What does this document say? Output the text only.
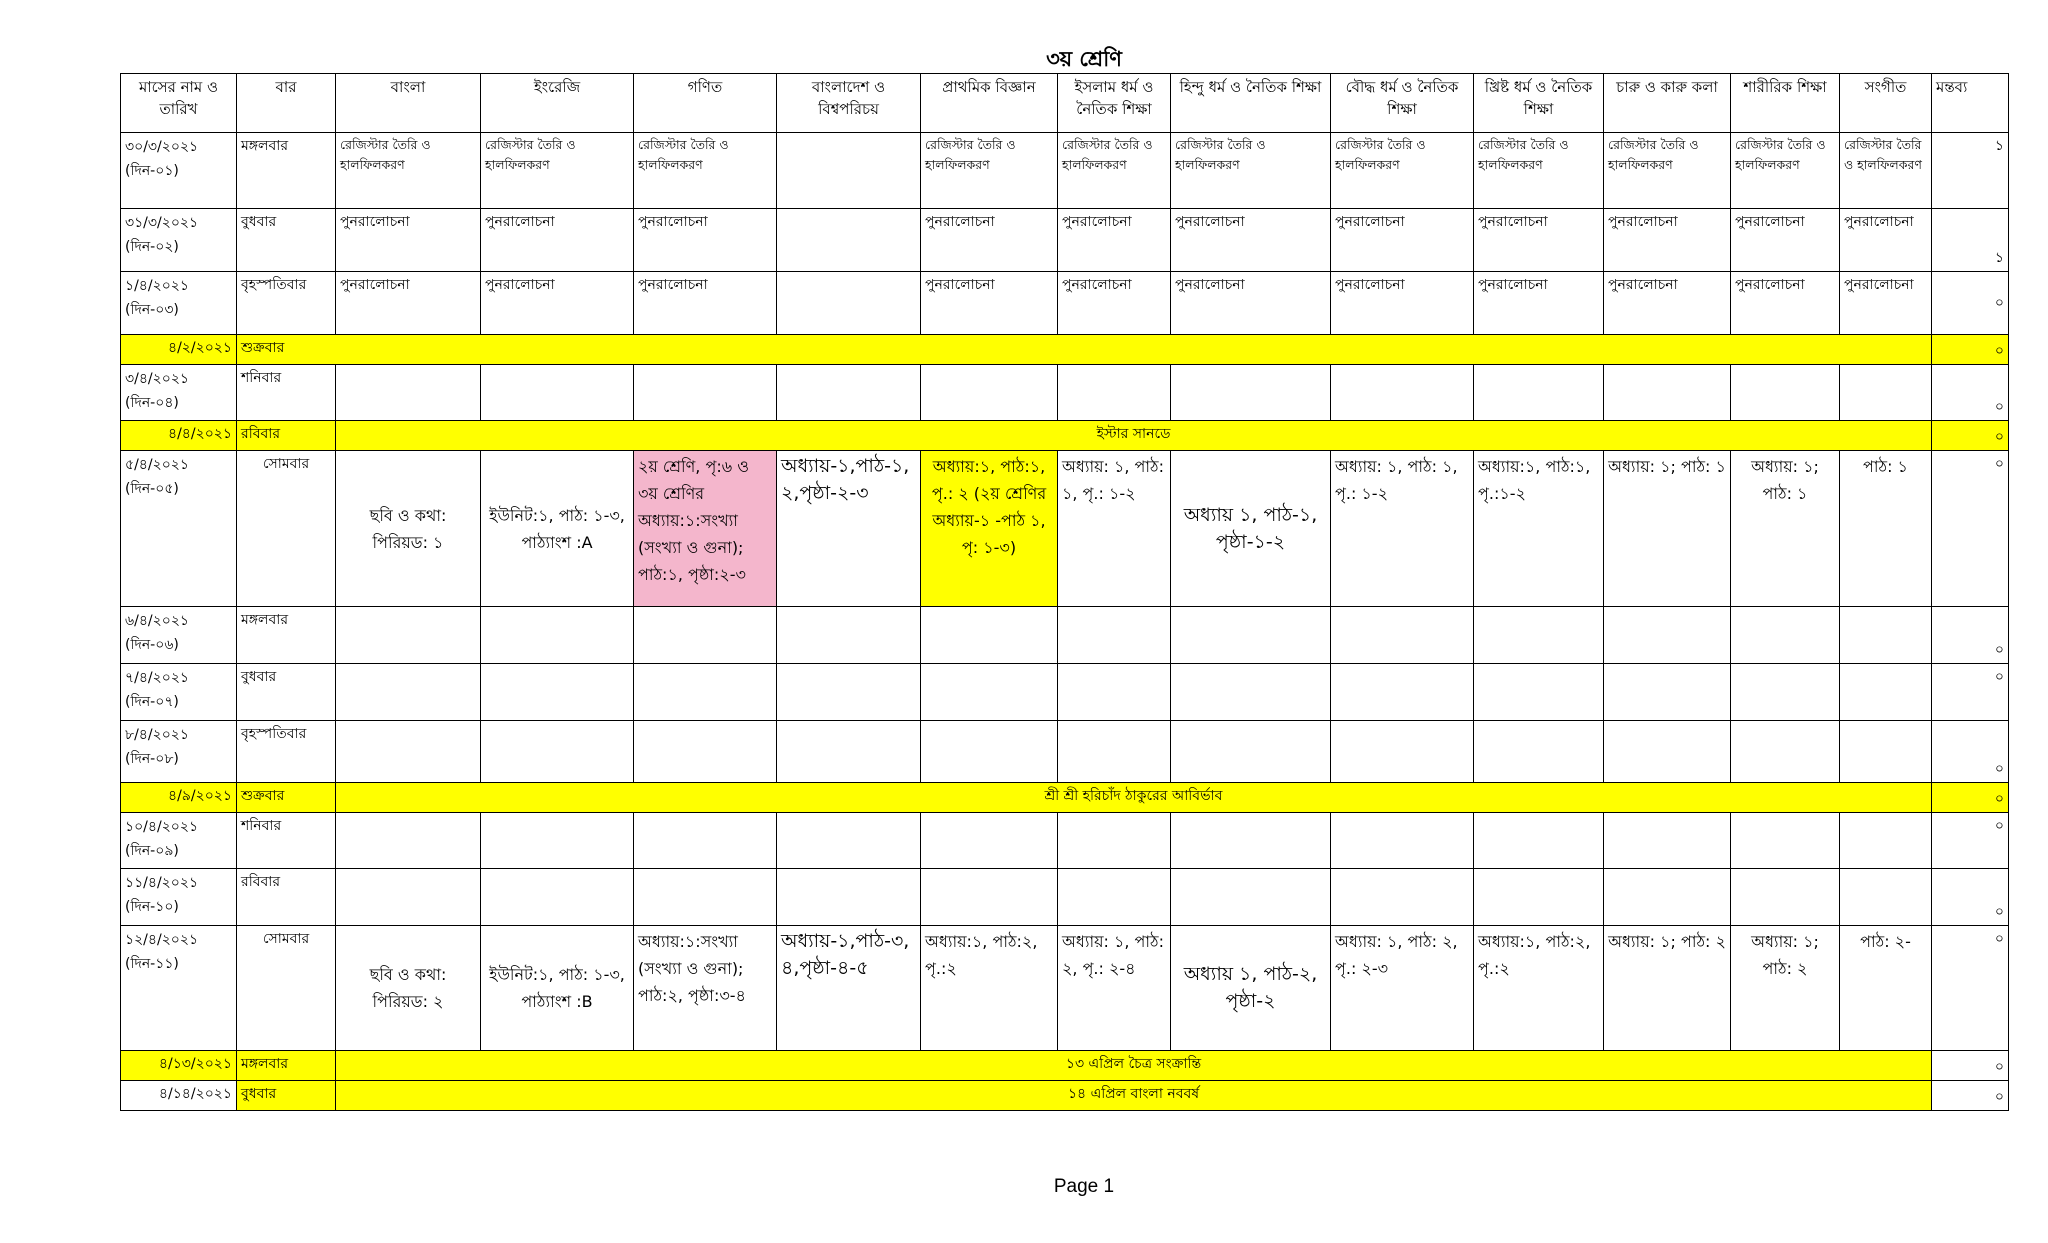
৩য় শ্রেণি
মাসের নাম ও তারিখ	বার	বাংলা	ইংরেজি	গণিত	বাংলাদেশ ও বিশ্বপরিচয়	প্রাথমিক বিজ্ঞান	ইসলাম ধর্ম ও নৈতিক শিক্ষা	হিন্দু ধর্ম ও নৈতিক শিক্ষা	বৌদ্ধ ধর্ম ও নৈতিক শিক্ষা	খ্রিষ্ট ধর্ম ও নৈতিক শিক্ষা	চারু ও কারু কলা	শারীরিক শিক্ষা	সংগীত	মন্তব্য
৩০/৩/২০২১
(দিন-০১)	মঙ্গলবার	রেজিস্টার তৈরি ও হালফিলকরণ	রেজিস্টার তৈরি ও হালফিলকরণ	রেজিস্টার তৈরি ও হালফিলকরণ		রেজিস্টার তৈরি ও হালফিলকরণ	রেজিস্টার তৈরি ও হালফিলকরণ	রেজিস্টার তৈরি ও হালফিলকরণ	রেজিস্টার তৈরি ও হালফিলকরণ	রেজিস্টার তৈরি ও হালফিলকরণ	রেজিস্টার তৈরি ও হালফিলকরণ	রেজিস্টার তৈরি ও হালফিলকরণ	রেজিস্টার তৈরি ও হালফিলকরণ	১
৩১/৩/২০২১
(দিন-০২)	বুধবার	পুনরালোচনা	পুনরালোচনা	পুনরালোচনা		পুনরালোচনা	পুনরালোচনা	পুনরালোচনা	পুনরালোচনা	পুনরালোচনা	পুনরালোচনা	পুনরালোচনা	পুনরালোচনা	১
১/৪/২০২১
(দিন-০৩)	বৃহস্পতিবার	পুনরালোচনা	পুনরালোচনা	পুনরালোচনা		পুনরালোচনা	পুনরালোচনা	পুনরালোচনা	পুনরালোচনা	পুনরালোচনা	পুনরালোচনা	পুনরালোচনা	পুনরালোচনা	০
৪/২/২০২১	শুক্রবার													০
৩/৪/২০২১
(দিন-০৪)	শনিবার													০
৪/৪/২০২১	রবিবার	ইস্টার সানডে												০
৫/৪/২০২১
(দিন-০৫)	সোমবার	ছবি ও কথা: পিরিয়ড: ১	ইউনিট:১, পাঠ: ১-৩, পাঠ্যাংশ :A	২য় শ্রেণি, পৃ:৬ ও ৩য় শ্রেণির অধ্যায়:১:সংখ্যা (সংখ্যা ও গুনা); পাঠ:১, পৃষ্ঠা:২-৩	অধ্যায়-১,পাঠ-১,২,পৃষ্ঠা-২-৩	অধ্যায়:১, পাঠ:১, পৃ.: ২ (২য় শ্রেণির অধ্যায়-১ -পাঠ ১, পৃ: ১-৩)	অধ্যায়: ১, পাঠ: ১, পৃ.: ১-২	অধ্যায় ১, পাঠ-১, পৃষ্ঠা-১-২	অধ্যায়: ১, পাঠ: ১, পৃ.: ১-২	অধ্যায়:১, পাঠ:১, পৃ.:১-২	অধ্যায়: ১; পাঠ: ১	অধ্যায়: ১; পাঠ: ১	পাঠ: ১	০
৬/৪/২০২১
(দিন-০৬)	মঙ্গলবার													০
৭/৪/২০২১
(দিন-০৭)	বুধবার													০
৮/৪/২০২১
(দিন-০৮)	বৃহস্পতিবার													০
৪/৯/২০২১	শুক্রবার	শ্রী শ্রী হরিচাঁদ ঠাকুরের আবির্ভাব												০
১০/৪/২০২১
(দিন-০৯)	শনিবার													০
১১/৪/২০২১
(দিন-১০)	রবিবার													০
১২/৪/২০২১
(দিন-১১)	সোমবার	ছবি ও কথা: পিরিয়ড: ২	ইউনিট:১, পাঠ: ১-৩, পাঠ্যাংশ :B	অধ্যায়:১:সংখ্যা (সংখ্যা ও গুনা); পাঠ:২, পৃষ্ঠা:৩-৪	অধ্যায়-১,পাঠ-৩,৪,পৃষ্ঠা-৪-৫	অধ্যায়:১, পাঠ:২, পৃ.:২	অধ্যায়: ১, পাঠ: ২, পৃ.: ২-৪	অধ্যায় ১, পাঠ-২, পৃষ্ঠা-২	অধ্যায়: ১, পাঠ: ২, পৃ.: ২-৩	অধ্যায়:১, পাঠ:২, পৃ.:২	অধ্যায়: ১; পাঠ: ২	অধ্যায়: ১; পাঠ: ২	পাঠ: ২-	০
৪/১৩/২০২১	মঙ্গলবার	১৩ এপ্রিল চৈত্র সংক্রান্তি												০
৪/১৪/২০২১	বুধবার	১৪ এপ্রিল বাংলা নববর্ষ												০
Page 1
